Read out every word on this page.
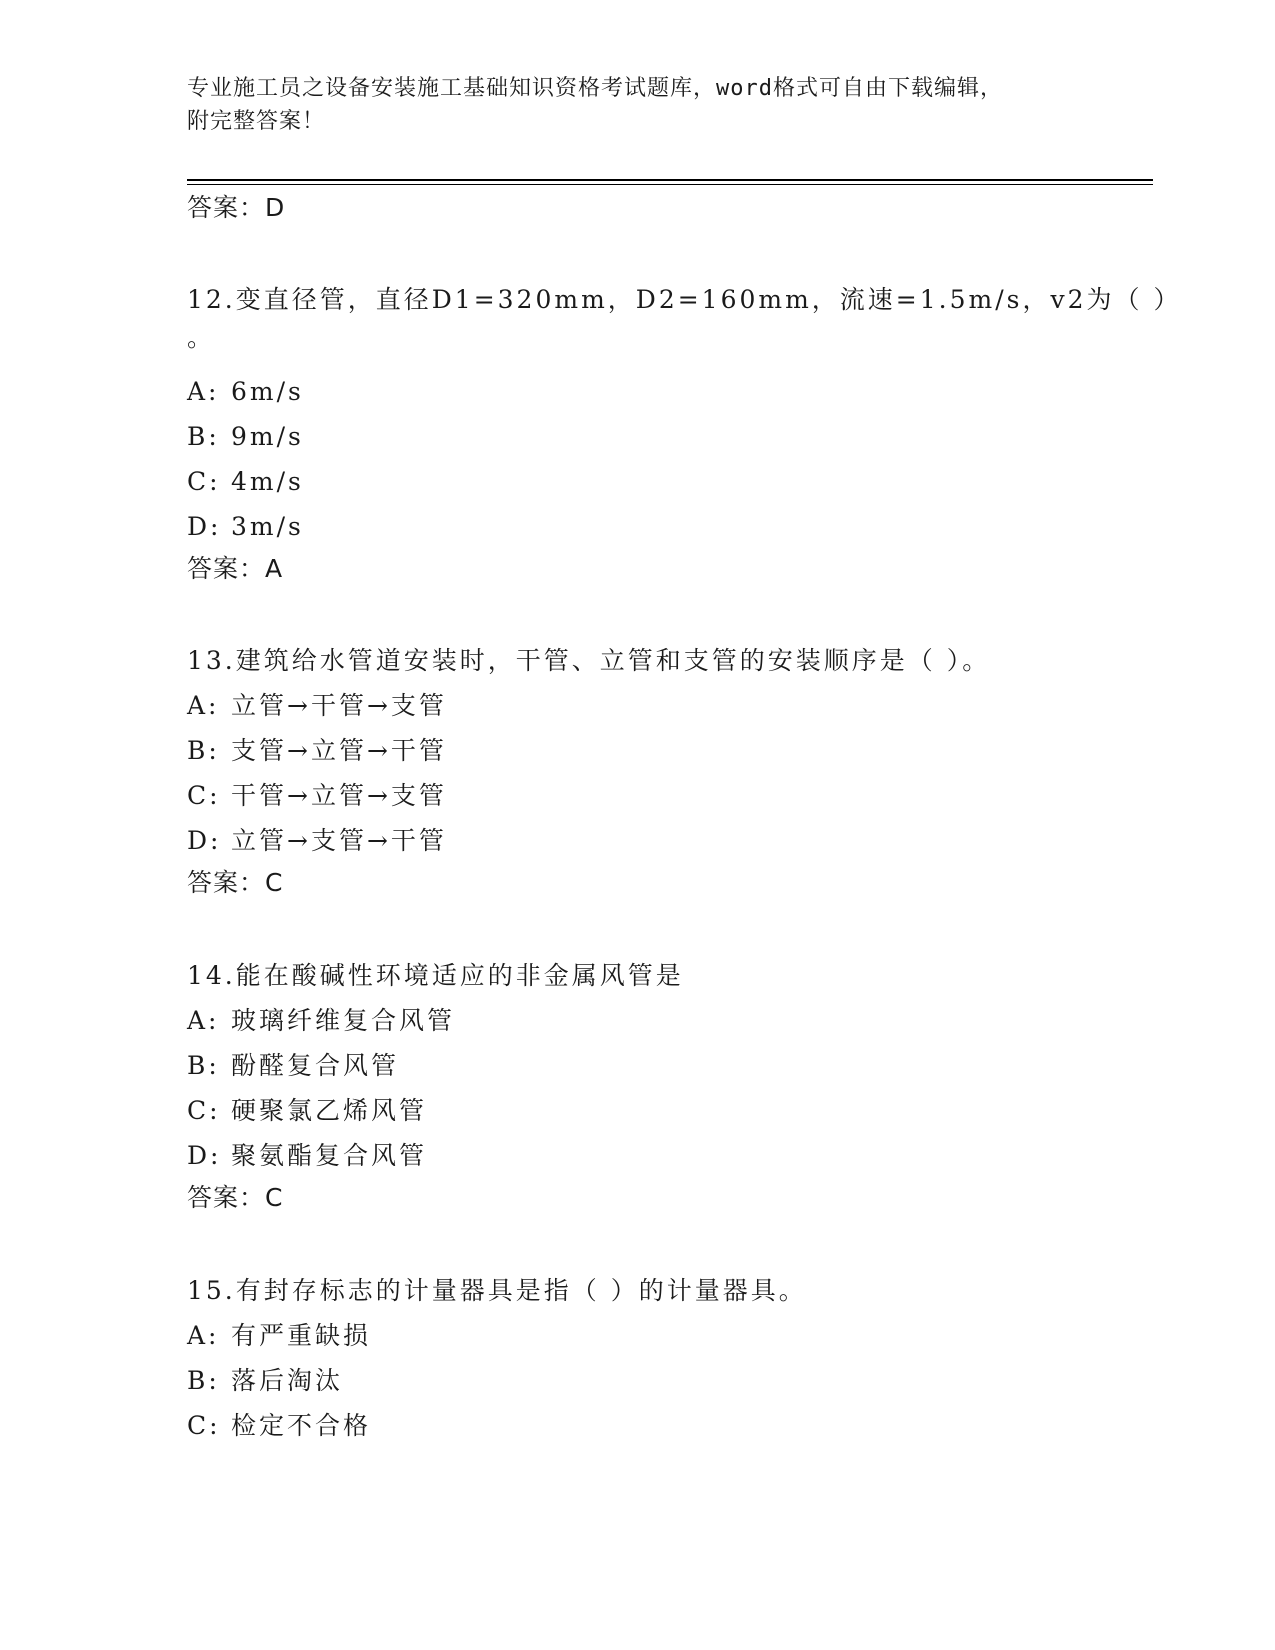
专业施工员之设备安装施工基础知识资格考试题库，word格式可自由下载编辑，
附完整答案！
答案：D
12.变直径管，直径D1=320mm，D2=160mm，流速=1.5m/s，v2为（ ）
。
A: 6m/s
B: 9m/s
C: 4m/s
D: 3m/s
答案：A
13.建筑给水管道安装时，干管、立管和支管的安装顺序是（ ）。
A: 立管→干管→支管
B: 支管→立管→干管
C: 干管→立管→支管
D: 立管→支管→干管
答案：C
14.能在酸碱性环境适应的非金属风管是
A: 玻璃纤维复合风管
B: 酚醛复合风管
C: 硬聚氯乙烯风管
D: 聚氨酯复合风管
答案：C
15.有封存标志的计量器具是指（ ）的计量器具。
A: 有严重缺损
B: 落后淘汰
C: 检定不合格
